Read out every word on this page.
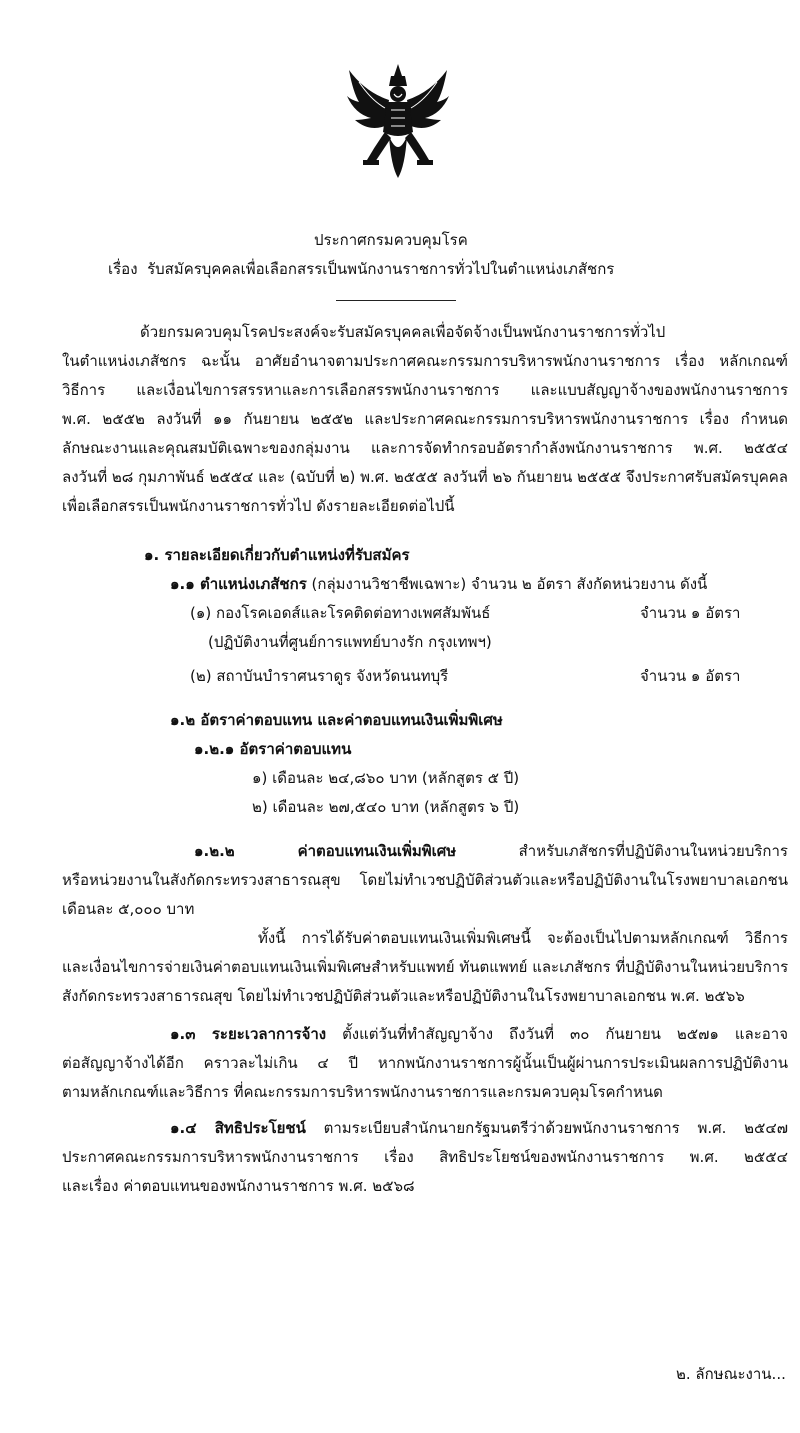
ประกาศกรมควบคุมโรค
เรื่อง รับสมัครบุคคลเพื่อเลือกสรรเป็นพนักงานราชการทั่วไปในตำแหน่งเภสัชกร
ด้วยกรมควบคุมโรคประสงค์จะรับสมัครบุคคลเพื่อจัดจ้างเป็นพนักงานราชการทั่วไป
ในตำแหน่งเภสัชกร ฉะนั้น อาศัยอำนาจตามประกาศคณะกรรมการบริหารพนักงานราชการ เรื่อง หลักเกณฑ์
วิธีการ และเงื่อนไขการสรรหาและการเลือกสรรพนักงานราชการ และแบบสัญญาจ้างของพนักงานราชการ
พ.ศ. ๒๕๕๒ ลงวันที่ ๑๑ กันยายน ๒๕๕๒ และประกาศคณะกรรมการบริหารพนักงานราชการ เรื่อง กำหนด
ลักษณะงานและคุณสมบัติเฉพาะของกลุ่มงาน และการจัดทำกรอบอัตรากำลังพนักงานราชการ พ.ศ. ๒๕๕๔
ลงวันที่ ๒๘ กุมภาพันธ์ ๒๕๕๔ และ (ฉบับที่ ๒) พ.ศ. ๒๕๕๕ ลงวันที่ ๒๖ กันยายน ๒๕๕๕ จึงประกาศรับสมัครบุคคล
เพื่อเลือกสรรเป็นพนักงานราชการทั่วไป ดังรายละเอียดต่อไปนี้
๑. รายละเอียดเกี่ยวกับตำแหน่งที่รับสมัคร
๑.๑ ตำแหน่งเภสัชกร (กลุ่มงานวิชาชีพเฉพาะ) จำนวน ๒ อัตรา สังกัดหน่วยงาน ดังนี้
(๑) กองโรคเอดส์และโรคติดต่อทางเพศสัมพันธ์	จำนวน ๑ อัตรา
(ปฏิบัติงานที่ศูนย์การแพทย์บางรัก กรุงเทพฯ)
(๒) สถาบันบำราศนราดูร จังหวัดนนทบุรี	จำนวน ๑ อัตรา
๑.๒ อัตราค่าตอบแทน และค่าตอบแทนเงินเพิ่มพิเศษ
๑.๒.๑ อัตราค่าตอบแทน
๑) เดือนละ ๒๔,๘๖๐ บาท (หลักสูตร ๕ ปี)
๒) เดือนละ ๒๗,๕๔๐ บาท (หลักสูตร ๖ ปี)
๑.๒.๒ ค่าตอบแทนเงินเพิ่มพิเศษ	สำหรับเภสัชกรที่ปฏิบัติงานในหน่วยบริการ
หรือหน่วยงานในสังกัดกระทรวงสาธารณสุข โดยไม่ทำเวชปฏิบัติส่วนตัวและหรือปฏิบัติงานในโรงพยาบาลเอกชน
เดือนละ ๕,๐๐๐ บาท
ทั้งนี้ การได้รับค่าตอบแทนเงินเพิ่มพิเศษนี้ จะต้องเป็นไปตามหลักเกณฑ์ วิธีการ
และเงื่อนไขการจ่ายเงินค่าตอบแทนเงินเพิ่มพิเศษสำหรับแพทย์ ทันตแพทย์ และเภสัชกร ที่ปฏิบัติงานในหน่วยบริการ
สังกัดกระทรวงสาธารณสุข โดยไม่ทำเวชปฏิบัติส่วนตัวและหรือปฏิบัติงานในโรงพยาบาลเอกชน พ.ศ. ๒๕๖๖
๑.๓ ระยะเวลาการจ้าง ตั้งแต่วันที่ทำสัญญาจ้าง ถึงวันที่ ๓๐ กันยายน ๒๕๗๑ และอาจ
ต่อสัญญาจ้างได้อีก คราวละไม่เกิน ๔ ปี หากพนักงานราชการผู้นั้นเป็นผู้ผ่านการประเมินผลการปฏิบัติงาน
ตามหลักเกณฑ์และวิธีการ ที่คณะกรรมการบริหารพนักงานราชการและกรมควบคุมโรคกำหนด
๑.๔ สิทธิประโยชน์ ตามระเบียบสำนักนายกรัฐมนตรีว่าด้วยพนักงานราชการ พ.ศ. ๒๕๔๗
ประกาศคณะกรรมการบริหารพนักงานราชการ เรื่อง สิทธิประโยชน์ของพนักงานราชการ พ.ศ. ๒๕๕๔
และเรื่อง ค่าตอบแทนของพนักงานราชการ พ.ศ. ๒๕๖๘
๒. ลักษณะงาน...
